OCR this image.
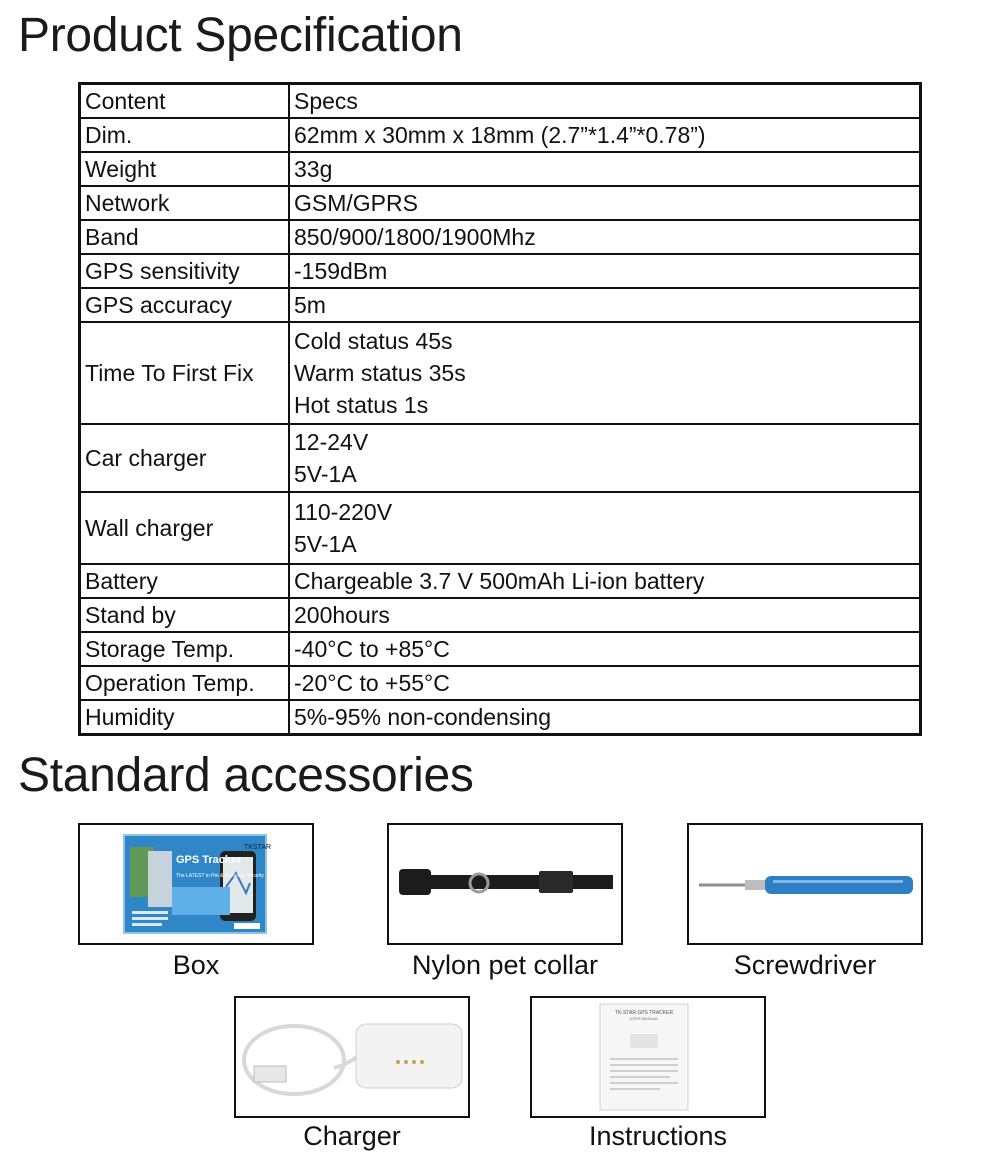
Product Specification
Content	Specs
Dim.	62mm x 30mm x 18mm (2.7”*1.4”*0.78”)
Weight	33g
Network	GSM/GPRS
Band	850/900/1800/1900Mhz
GPS sensitivity	-159dBm
GPS accuracy	5m
Time To First Fix	Cold status 45s
Warm status 35s
Hot status 1s

Car charger	12-24V
5V-1A

Wall charger	110-220V
5V-1A

Battery	Chargeable 3.7 V 500mAh Li-ion battery
Stand by	200hours
Storage Temp.	-40°C to +85°C
Operation Temp.	-20°C to +55°C
Humidity	5%-95% non-condensing
Standard accessories
TKSTAR
GPS Tracker
The LATEST in Pet & Personal Security
Box	Nylon pet collar	Screwdriver
Charger
TK-STAR GPS TRACKER
USER MANUAL
Instructions
